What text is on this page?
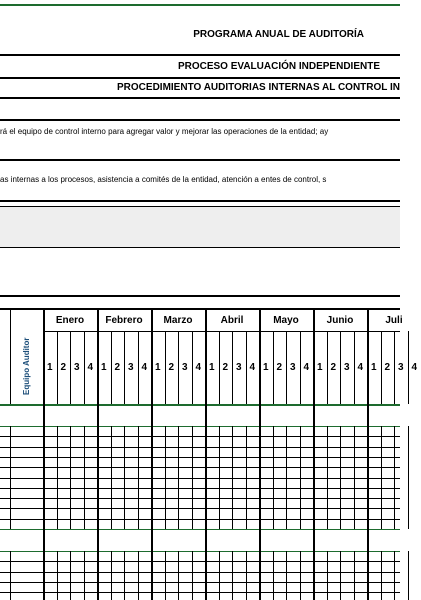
PROGRAMA ANUAL DE AUDITORÍA
PROCESO EVALUACIÓN INDEPENDIENTE
PROCEDIMIENTO AUDITORIAS INTERNAS AL CONTROL IN
rá el equipo de control interno para agregar valor y mejorar las operaciones de la entidad; ay
as internas a los procesos, asistencia a comités de la entidad, atención a entes de control, s
Equipo Auditor
Enero	Febrero	Marzo	Abril	Mayo	Junio	Juli
1 2 3 4 1 2 3 4 1 2 3 4 1 2 3 4 1 2 3 4 1 2 3 4 1 2 3 4
